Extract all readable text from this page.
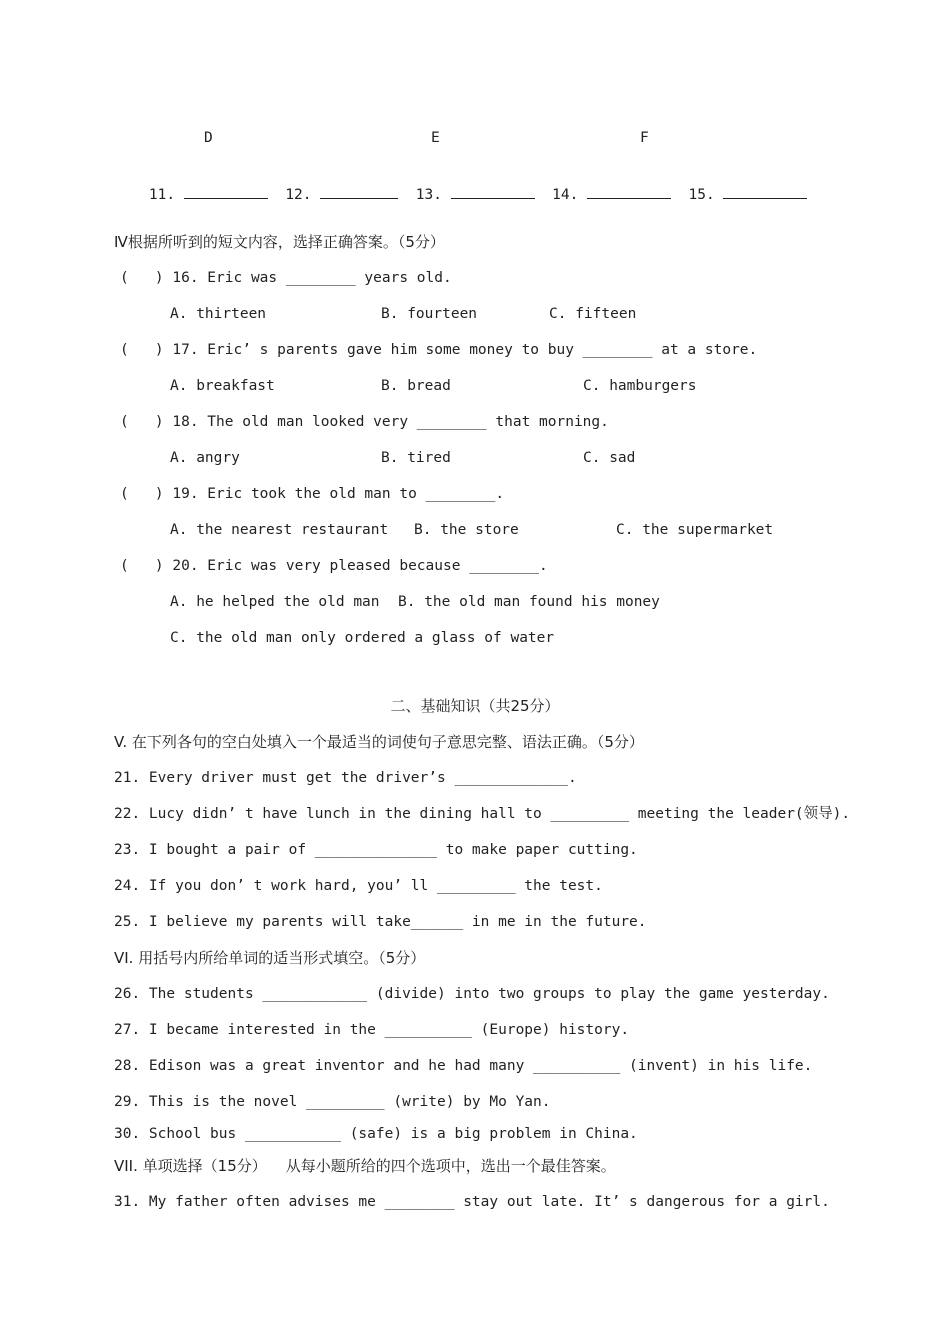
D	E	F

11.	12.	13.	14.	15.

Ⅳ根据所听到的短文内容，选择正确答案。（5分）
(   ) 16. Eric was ________ years old.
A. thirteen	B. fourteen	C. fifteen
(   ) 17. Eric’ s parents gave him some money to buy ________ at a store.
A. breakfast	B. bread	C. hamburgers
(   ) 18. The old man looked very ________ that morning.
A. angry	B. tired	C. sad
(   ) 19. Eric took the old man to ________.
A. the nearest restaurant B. the store	C. the supermarket
(   ) 20. Eric was very pleased because ________.
A. he helped the old man B. the old man found his money
C. the old man only ordered a glass of water
二、基础知识（共25分）
V. 在下列各句的空白处填入一个最适当的词使句子意思完整、语法正确。（5分）
21. Every driver must get the driver’s _____________.
22. Lucy didn’ t have lunch in the dining hall to _________ meeting the leader(领导).
23. I bought a pair of ______________ to make paper cutting.
24. If you don’ t work hard, you’ ll _________ the test.
25. I believe my parents will take______ in me in the future.
VI. 用括号内所给单词的适当形式填空。（5分）
26. The students ____________ (divide) into two groups to play the game yesterday.
27. I became interested in the __________ (Europe) history.
28. Edison was a great inventor and he had many __________ (invent) in his life.
29. This is the novel _________ (write) by Mo Yan.
30. School bus ___________ (safe) is a big problem in China.
VII. 单项选择（15分）    从每小题所给的四个选项中，选出一个最佳答案。
31. My father often advises me ________ stay out late. It’ s dangerous for a girl.
